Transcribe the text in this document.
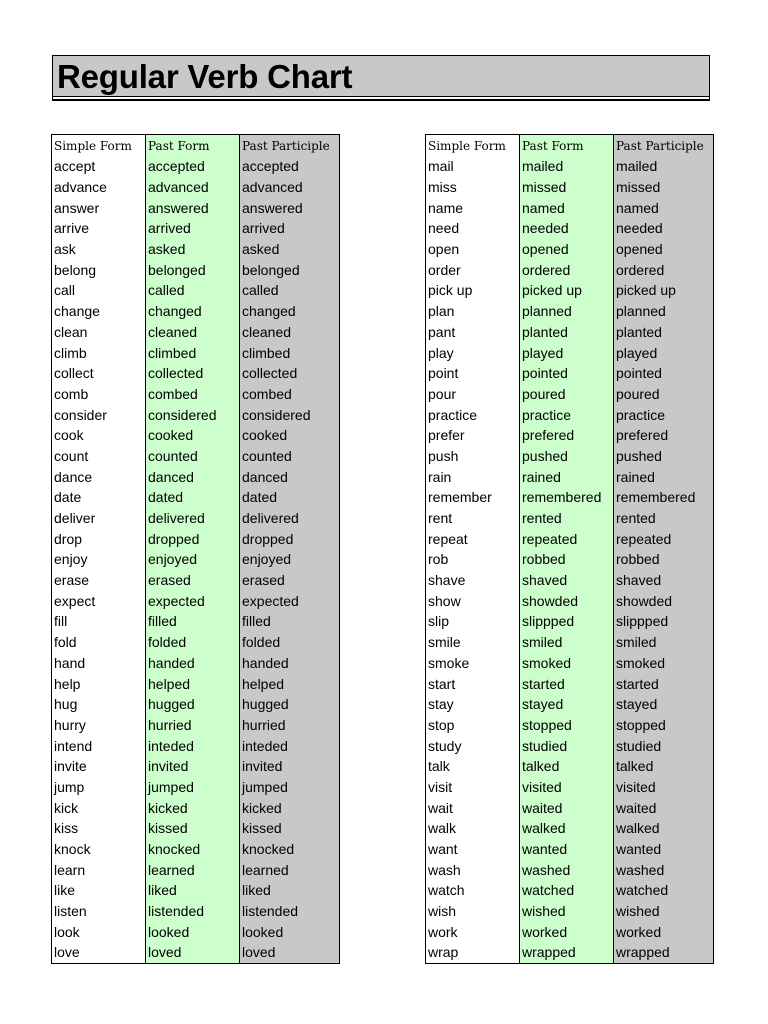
Regular Verb Chart
Simple Form	Past Form	Past Participle
accept	accepted	accepted
advance	advanced	advanced
answer	answered	answered
arrive	arrived	arrived
ask	asked	asked
belong	belonged	belonged
call	called	called
change	changed	changed
clean	cleaned	cleaned
climb	climbed	climbed
collect	collected	collected
comb	combed	combed
consider	considered	considered
cook	cooked	cooked
count	counted	counted
dance	danced	danced
date	dated	dated
deliver	delivered	delivered
drop	dropped	dropped
enjoy	enjoyed	enjoyed
erase	erased	erased
expect	expected	expected
fill	filled	filled
fold	folded	folded
hand	handed	handed
help	helped	helped
hug	hugged	hugged
hurry	hurried	hurried
intend	inteded	inteded
invite	invited	invited
jump	jumped	jumped
kick	kicked	kicked
kiss	kissed	kissed
knock	knocked	knocked
learn	learned	learned
like	liked	liked
listen	listended	listended
look	looked	looked
love	loved	loved
Simple Form	Past Form	Past Participle
mail	mailed	mailed
miss	missed	missed
name	named	named
need	needed	needed
open	opened	opened
order	ordered	ordered
pick up	picked up	picked up
plan	planned	planned
pant	planted	planted
play	played	played
point	pointed	pointed
pour	poured	poured
practice	practice	practice
prefer	prefered	prefered
push	pushed	pushed
rain	rained	rained
remember	remembered	remembered
rent	rented	rented
repeat	repeated	repeated
rob	robbed	robbed
shave	shaved	shaved
show	showded	showded
slip	slippped	slippped
smile	smiled	smiled
smoke	smoked	smoked
start	started	started
stay	stayed	stayed
stop	stopped	stopped
study	studied	studied
talk	talked	talked
visit	visited	visited
wait	waited	waited
walk	walked	walked
want	wanted	wanted
wash	washed	washed
watch	watched	watched
wish	wished	wished
work	worked	worked
wrap	wrapped	wrapped
